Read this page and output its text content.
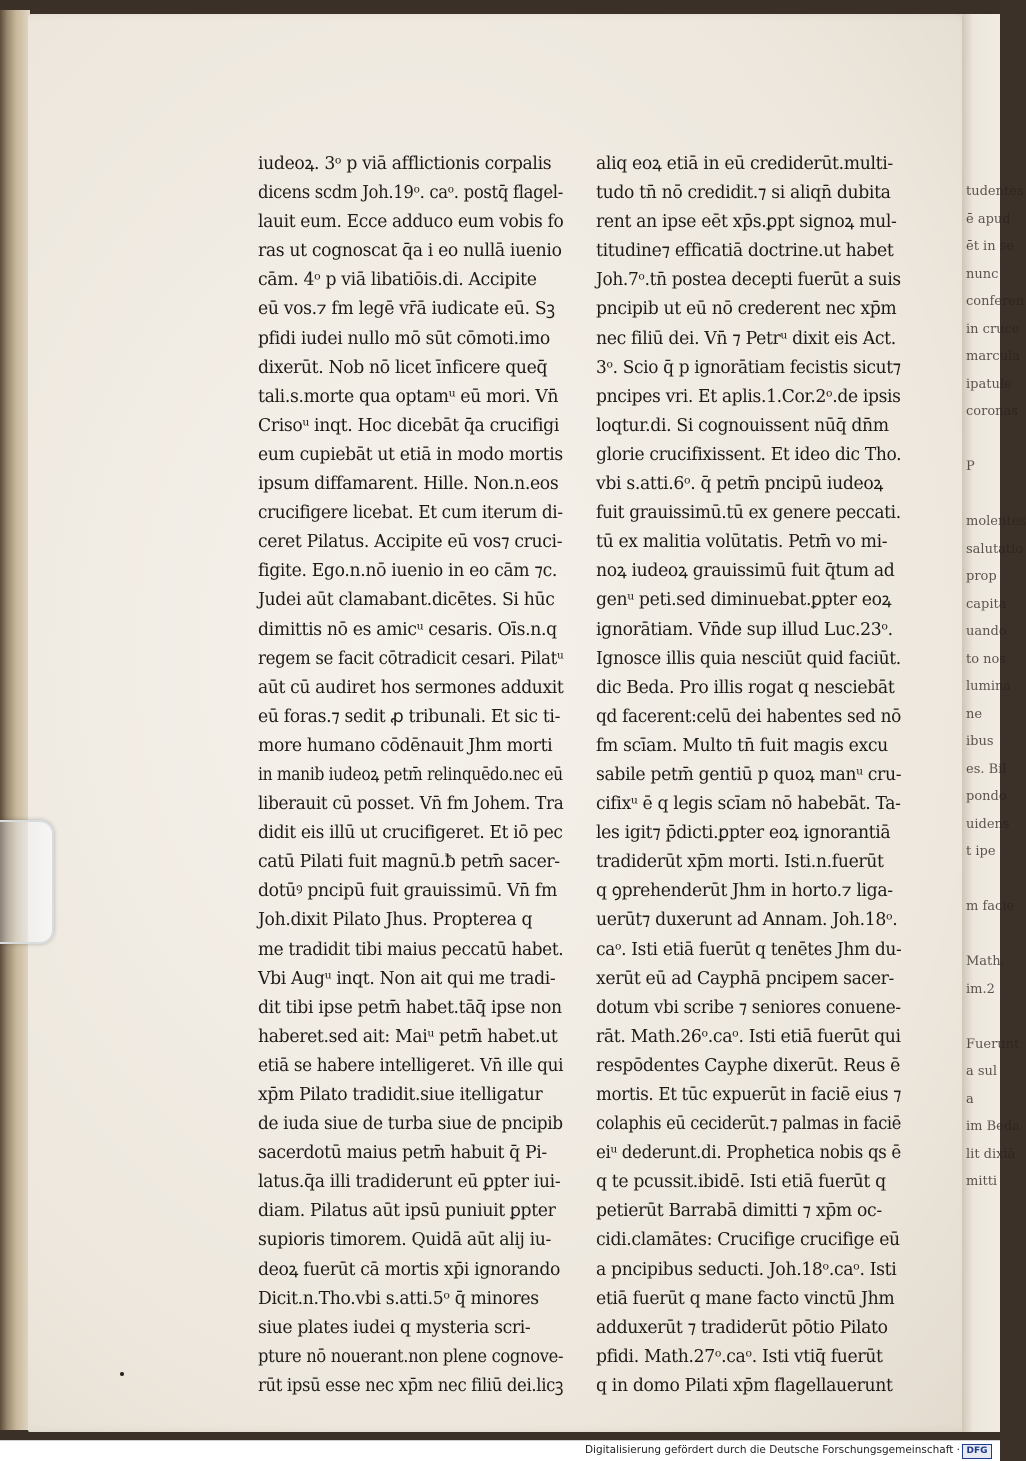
tudentes
ē apud
ēt in se
nunc
conferen
in cruce
marcula
ipatule
coronas
P
molentes
salutatio
prop
capita
uando
to nos
lumina
ne
ibus
es. Bil
pondo
uidens
t ipe
m facie
Math.
im.2
Fuerunt
a sul
a
im Beda
lit dixiā
mitti
iudeoꝝ. 3ᵒ p viā afflictionis corpalis
dicens scdm Joh.19ᵒ. caᵒ. postq̄ flagel-
lauit eum. Ecce adduco eum vobis fo
ras ut cognoscat q̄a i eo nullā iuenio
cām. 4ᵒ p viā libatiōis.di. Accipite
eū vos.⁊ fm legē vr̄ā iudicate eū. Sꝫ
pfidi iudei nullo mō sūt cōmoti.imo
dixerūt. Nob nō licet īnficere queq̄
tali.s.morte qua optamᵘ eū mori. Vn̄
Crisoᵘ inqt. Hoc dicebāt q̄a crucifigi
eum cupiebāt ut etiā in modo mortis
ipsum diffamarent. Hille. Non.n.eos
crucifigere licebat. Et cum iterum di-
ceret Pilatus. Accipite eū vos⁊ cruci-
figite. Ego.n.nō iuenio in eo cām ⁊c.
Judei aūt clamabant.dicētes. Si hūc
dimittis nō es amicᵘ cesaris. Oīs.n.q
regem se facit cōtradicit cesari. Pilatᵘ
aūt cū audiret hos sermones adduxit
eū foras.⁊ sedit ꝓ tribunali. Et sic ti-
more humano cōdēnauit Jhm morti
in manib iudeoꝝ petm̄ relinquēdo.nec eū
liberauit cū posset. Vn̄ fm Johem. Tra
didit eis illū ut crucifigeret. Et iō pec
catū Pilati fuit magnū.ƀ petm̄ sacer-
dotūꝰ pncipū fuit grauissimū. Vn̄ fm
Joh.dixit Pilato Jhus. Propterea q
me tradidit tibi maius peccatū habet.
Vbi Augᵘ inqt. Non ait qui me tradi-
dit tibi ipse petm̄ habet.tāq̄ ipse non
haberet.sed ait: Maiᵘ petm̄ habet.ut
etiā se habere intelligeret. Vn̄ ille qui
xp̄m Pilato tradidit.siue itelligatur
de iuda siue de turba siue de pncipib
sacerdotū maius petm̄ habuit q̄ Pi-
latus.q̄a illi tradiderunt eū ꝑpter iui-
diam. Pilatus aūt ipsū puniuit ꝑpter
supioris timorem. Quidā aūt alij iu-
deoꝝ fuerūt cā mortis xp̄i ignorando
Dicit.n.Tho.vbi s.atti.5ᵒ q̄ minores
siue plates iudei q mysteria scri-
pture nō nouerant.non plene cognove-
rūt ipsū esse nec xp̄m nec filiū dei.licꝫ
aliq eoꝝ etiā in eū crediderūt.multi-
tudo tn̄ nō credidit.⁊ si aliqn̄ dubita
rent an ipse eēt xp̄s.ꝑpt signoꝝ mul-
titudine⁊ efficatiā doctrine.ut habet
Joh.7ᵒ.tn̄ postea decepti fuerūt a suis
pncipib ut eū nō crederent nec xp̄m
nec filiū dei. Vn̄ ⁊ Petrᵘ dixit eis Act.
3ᵒ. Scio q̄ p ignorātiam fecistis sicut⁊
pncipes vri. Et aplis.1.Cor.2ᵒ.de ipsis
loqtur.di. Si cognouissent nūq̄ dn̄m
glorie crucifixissent. Et ideo dic Tho.
vbi s.atti.6ᵒ. q̄ petm̄ pncipū iudeoꝝ
fuit grauissimū.tū ex genere peccati.
tū ex malitia volūtatis. Petm̄ vo mi-
noꝝ iudeoꝝ grauissimū fuit q̄tum ad
genᵘ peti.sed diminuebat.ꝑpter eoꝝ
ignorātiam. Vn̄de sup illud Luc.23ᵒ.
Ignosce illis quia nesciūt quid faciūt.
dic Beda. Pro illis rogat q nesciebāt
qd facerent:celū dei habentes sed nō
fm scīam. Multo tn̄ fuit magis excu
sabile petm̄ gentiū p quoꝝ manᵘ cru-
cifixᵘ ē q legis scīam nō habebāt. Ta-
les igit⁊ p̄dicti.ꝑpter eoꝝ ignorantiā
tradiderūt xp̄m morti. Isti.n.fuerūt
q ꝯprehenderūt Jhm in horto.⁊ liga-
uerūt⁊ duxerunt ad Annam. Joh.18ᵒ.
caᵒ. Isti etiā fuerūt q tenētes Jhm du-
xerūt eū ad Cayphā pncipem sacer-
dotum vbi scribe ⁊ seniores conuene-
rāt. Math.26ᵒ.caᵒ. Isti etiā fuerūt qui
respōdentes Cayphe dixerūt. Reus ē
mortis. Et tūc expuerūt in faciē eius ⁊
colaphis eū ceciderūt.⁊ palmas in faciē
eiᵘ dederunt.di. Prophetica nobis qs ē
q te pcussit.ibidē. Isti etiā fuerūt q
petierūt Barrabā dimitti ⁊ xp̄m oc-
cidi.clamātes: Crucifige crucifige eū
a pncipibus seducti. Joh.18ᵒ.caᵒ. Isti
etiā fuerūt q mane facto vinctū Jhm
adduxerūt ⁊ tradiderūt pōtio Pilato
pfidi. Math.27ᵒ.caᵒ. Isti vtiq̄ fuerūt
q in domo Pilati xp̄m flagellauerunt
Digitalisierung gefördert durch die Deutsche Forschungsgemeinschaft · DFG
